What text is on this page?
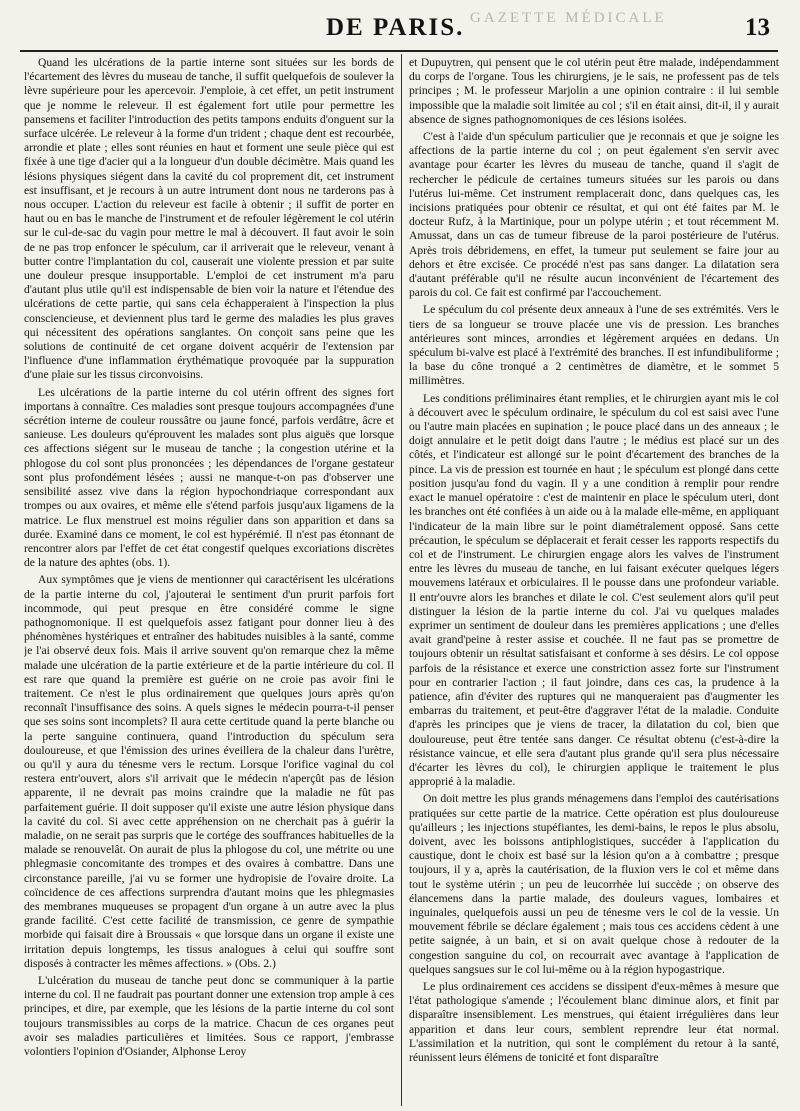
GAZETTE MÉDICALE
DE PARIS.	13

Quand les ulcérations de la partie interne sont situées sur les bords de l'écartement des lèvres du museau de tanche, il suffit quelquefois de soulever la lèvre supérieure pour les apercevoir. J'emploie, à cet effet, un petit instrument que je nomme le releveur. Il est également fort utile pour permettre les pansemens et faciliter l'introduction des petits tampons enduits d'onguent sur la surface ulcérée. Le releveur à la forme d'un trident ; chaque dent est recourbée, arrondie et plate ; elles sont réunies en haut et forment une seule pièce qui est fixée à une tige d'acier qui a la longueur d'un double décimètre. Mais quand les lésions physiques siégent dans la cavité du col proprement dit, cet instrument est insuffisant, et je recours à un autre intrument dont nous ne tarderons pas à nous occuper. L'action du releveur est facile à obtenir ; il suffit de porter en haut ou en bas le manche de l'instrument et de refouler légèrement le col utérin sur le cul-de-sac du vagin pour mettre le mal à découvert. Il faut avoir le soin de ne pas trop enfoncer le spéculum, car il arriverait que le releveur, venant à butter contre l'implantation du col, causerait une violente pression et par suite une douleur presque insupportable. L'emploi de cet instrument m'a paru d'autant plus utile qu'il est indispensable de bien voir la nature et l'étendue des ulcérations de cette partie, qui sans cela échapperaient à l'inspection la plus consciencieuse, et deviennent plus tard le germe des maladies les plus graves qui nécessitent des opérations sanglantes. On conçoit sans peine que les solutions de continuité de cet organe doivent acquérir de l'extension par l'influence d'une inflammation érythématique provoquée par la suppuration d'une plaie sur les tissus circonvoisins.

Les ulcérations de la partie interne du col utérin offrent des signes fort importans à connaître. Ces maladies sont presque toujours accompagnées d'une sécrétion interne de couleur roussâtre ou jaune foncé, parfois verdâtre, âcre et sanieuse. Les douleurs qu'éprouvent les malades sont plus aiguës que lorsque ces affections siégent sur le museau de tanche ; la congestion utérine et la phlogose du col sont plus prononcées ; les dépendances de l'organe gestateur sont plus profondément lésées ; aussi ne manque-t-on pas d'observer une sensibilité assez vive dans la région hypochondriaque correspondant aux trompes ou aux ovaires, et même elle s'étend parfois jusqu'aux ligamens de la matrice. Le flux menstruel est moins régulier dans son apparition et dans sa durée. Examiné dans ce moment, le col est hypérémié. Il n'est pas étonnant de rencontrer alors par l'effet de cet état congestif quelques excoriations discrètes de la nature des aphtes (obs. 1).

Aux symptômes que je viens de mentionner qui caractérisent les ulcérations de la partie interne du col, j'ajouterai le sentiment d'un prurit parfois fort incommode, qui peut presque en être considéré comme le signe pathognomonique. Il est quelquefois assez fatigant pour donner lieu à des phénomènes hystériques et entraîner des habitudes nuisibles à la santé, comme je l'ai observé deux fois. Mais il arrive souvent qu'on remarque chez la même malade une ulcération de la partie extérieure et de la partie intérieure du col. Il est rare que quand la première est guérie on ne croie pas avoir fini le traitement. Ce n'est le plus ordinairement que quelques jours après qu'on reconnaît l'insuffisance des soins. A quels signes le médecin pourra-t-il penser que ses soins sont incomplets? Il aura cette certitude quand la perte blanche ou la perte sanguine continuera, quand l'introduction du spéculum sera douloureuse, et que l'émission des urines éveillera de la chaleur dans l'urètre, ou qu'il y aura du ténesme vers le rectum. Lorsque l'orifice vaginal du col restera entr'ouvert, alors s'il arrivait que le médecin n'aperçût pas de lésion apparente, il ne devrait pas moins craindre que la maladie ne fût pas parfaitement guérie. Il doit supposer qu'il existe une autre lésion physique dans la cavité du col. Si avec cette appréhension on ne cherchait pas à guérir la maladie, on ne serait pas surpris que le cortége des souffrances habituelles de la malade se renouvelât. On aurait de plus la phlogose du col, une métrite ou une phlegmasie concomitante des trompes et des ovaires à combattre. Dans une circonstance pareille, j'ai vu se former une hydropisie de l'ovaire droite. La coïncidence de ces affections surprendra d'autant moins que les phlegmasies des membranes muqueuses se propagent d'un organe à un autre avec la plus grande facilité. C'est cette facilité de transmission, ce genre de sympathie morbide qui faisait dire à Broussais « que lorsque dans un organe il existe une irritation depuis longtemps, les tissus analogues à celui qui souffre sont disposés à contracter les mêmes affections. » (Obs. 2.)

L'ulcération du museau de tanche peut donc se communiquer à la partie interne du col. Il ne faudrait pas pourtant donner une extension trop ample à ces principes, et dire, par exemple, que les lésions de la partie interne du col sont toujours transmissibles au corps de la matrice. Chacun de ces organes peut avoir ses maladies particulières et limitées. Sous ce rapport, j'embrasse volontiers l'opinion d'Osiander, Alphonse Leroy

et Dupuytren, qui pensent que le col utérin peut être malade, indépendamment du corps de l'organe. Tous les chirurgiens, je le sais, ne professent pas de tels principes ; M. le professeur Marjolin a une opinion contraire : il lui semble impossible que la maladie soit limitée au col ; s'il en était ainsi, dit-il, il y aurait absence de signes pathognomoniques de ces lésions isolées.

C'est à l'aide d'un spéculum particulier que je reconnais et que je soigne les affections de la partie interne du col ; on peut également s'en servir avec avantage pour écarter les lèvres du museau de tanche, quand il s'agit de rechercher le pédicule de certaines tumeurs situées sur les parois ou dans l'utérus lui-même. Cet instrument remplacerait donc, dans quelques cas, les incisions pratiquées pour obtenir ce résultat, et qui ont été faites par M. le docteur Rufz, à la Martinique, pour un polype utérin ; et tout récemment M. Amussat, dans un cas de tumeur fibreuse de la paroi postérieure de l'utérus. Après trois débridemens, en effet, la tumeur put seulement se faire jour au dehors et être excisée. Ce procédé n'est pas sans danger. La dilatation sera d'autant préférable qu'il ne résulte aucun inconvénient de l'écartement des parois du col. Ce fait est confirmé par l'accouchement.

Le spéculum du col présente deux anneaux à l'une de ses extrémités. Vers le tiers de sa longueur se trouve placée une vis de pression. Les branches antérieures sont minces, arrondies et légèrement arquées en dedans. Un spéculum bi-valve est placé à l'extrémité des branches. Il est infundibuliforme ; la base du cône tronqué a 2 centimètres de diamètre, et le sommet 5 millimètres.

Les conditions préliminaires étant remplies, et le chirurgien ayant mis le col à découvert avec le spéculum ordinaire, le spéculum du col est saisi avec l'une ou l'autre main placées en supination ; le pouce placé dans un des anneaux ; le doigt annulaire et le petit doigt dans l'autre ; le médius est placé sur un des côtés, et l'indicateur est allongé sur le point d'écartement des branches de la pince. La vis de pression est tournée en haut ; le spéculum est plongé dans cette position jusqu'au fond du vagin. Il y a une condition à remplir pour rendre exact le manuel opératoire : c'est de maintenir en place le spéculum uteri, dont les branches ont été confiées à un aide ou à la malade elle-même, en appliquant l'indicateur de la main libre sur le point diamétralement opposé. Sans cette précaution, le spéculum se déplacerait et ferait cesser les rapports respectifs du col et de l'instrument. Le chirurgien engage alors les valves de l'instrument entre les lèvres du museau de tanche, en lui faisant exécuter quelques légers mouvemens latéraux et orbiculaires. Il le pousse dans une profondeur variable. Il entr'ouvre alors les branches et dilate le col. C'est seulement alors qu'il peut distinguer la lésion de la partie interne du col. J'ai vu quelques malades exprimer un sentiment de douleur dans les premières applications ; une d'elles avait grand'peine à rester assise et couchée. Il ne faut pas se promettre de toujours obtenir un résultat satisfaisant et conforme à ses désirs. Le col oppose parfois de la résistance et exerce une constriction assez forte sur l'instrument pour en contrarier l'action ; il faut joindre, dans ces cas, la prudence à la patience, afin d'éviter des ruptures qui ne manqueraient pas d'augmenter les embarras du traitement, et peut-être d'aggraver l'état de la maladie. Conduite d'après les principes que je viens de tracer, la dilatation du col, bien que douloureuse, peut être tentée sans danger. Ce résultat obtenu (c'est-à-dire la résistance vaincue, et elle sera d'autant plus grande qu'il sera plus nécessaire d'écarter les lèvres du col), le chirurgien applique le traitement le plus approprié à la maladie.

On doit mettre les plus grands ménagemens dans l'emploi des cautérisations pratiquées sur cette partie de la matrice. Cette opération est plus douloureuse qu'ailleurs ; les injections stupéfiantes, les demi-bains, le repos le plus absolu, doivent, avec les boissons antiphlogistiques, succéder à l'application du caustique, dont le choix est basé sur la lésion qu'on a à combattre ; presque toujours, il y a, après la cautérisation, de la fluxion vers le col et même dans tout le système utérin ; un peu de leucorrhée lui succède ; on observe des élancemens dans la partie malade, des douleurs vagues, lombaires et inguinales, quelquefois aussi un peu de ténesme vers le col de la vessie. Un mouvement fébrile se déclare également ; mais tous ces accidens cèdent à une petite saignée, à un bain, et si on avait quelque chose à redouter de la congestion sanguine du col, on recourrait avec avantage à l'application de quelques sangsues sur le col lui-même ou à la région hypogastrique.

Le plus ordinairement ces accidens se dissipent d'eux-mêmes à mesure que l'état pathologique s'amende ; l'écoulement blanc diminue alors, et finit par disparaître insensiblement. Les menstrues, qui étaient irrégulières dans leur apparition et dans leur cours, semblent reprendre leur état normal. L'assimilation et la nutrition, qui sont le complément du retour à la santé, réunissent leurs élémens de tonicité et font disparaître
